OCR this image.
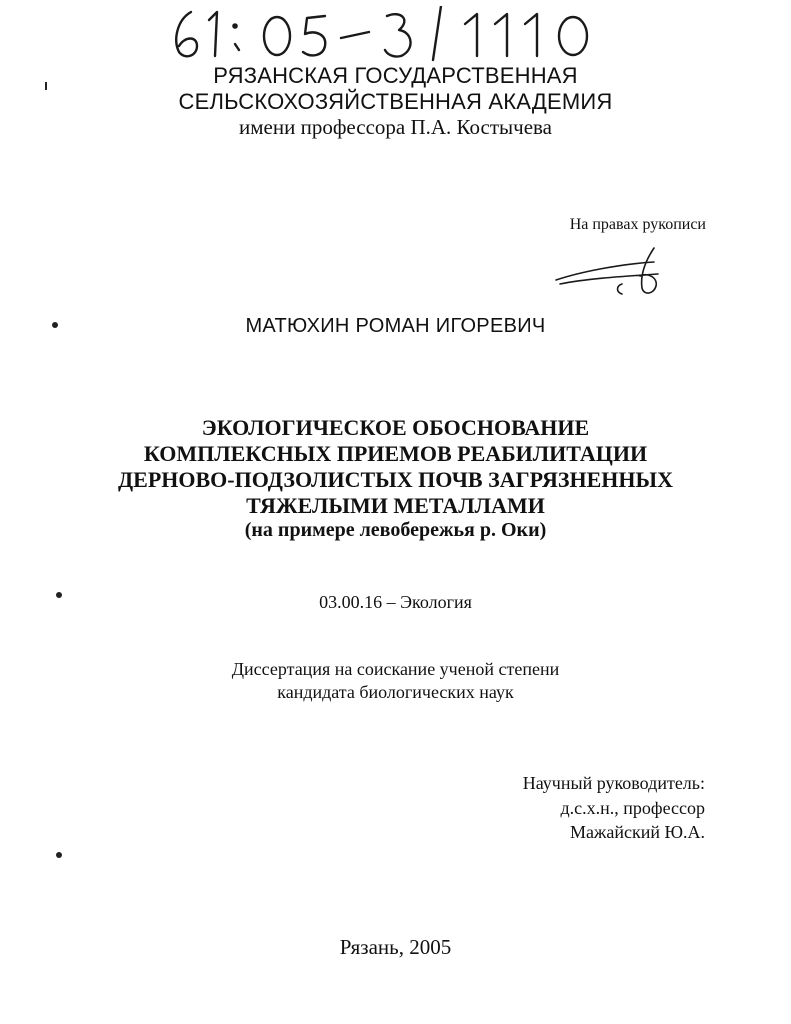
РЯЗАНСКАЯ ГОСУДАРСТВЕННАЯ
СЕЛЬСКОХОЗЯЙСТВЕННАЯ АКАДЕМИЯ
имени профессора П.А. Костычева
На правах рукописи
МАТЮХИН РОМАН ИГОРЕВИЧ
ЭКОЛОГИЧЕСКОЕ ОБОСНОВАНИЕ
КОМПЛЕКСНЫХ ПРИЕМОВ РЕАБИЛИТАЦИИ
ДЕРНОВО-ПОДЗОЛИСТЫХ ПОЧВ ЗАГРЯЗНЕННЫХ
ТЯЖЕЛЫМИ МЕТАЛЛАМИ
(на примере левобережья р. Оки)
03.00.16 – Экология
Диссертация на соискание ученой степени
кандидата биологических наук
Научный руководитель:
д.с.х.н., профессор
Мажайский Ю.А.
Рязань, 2005
